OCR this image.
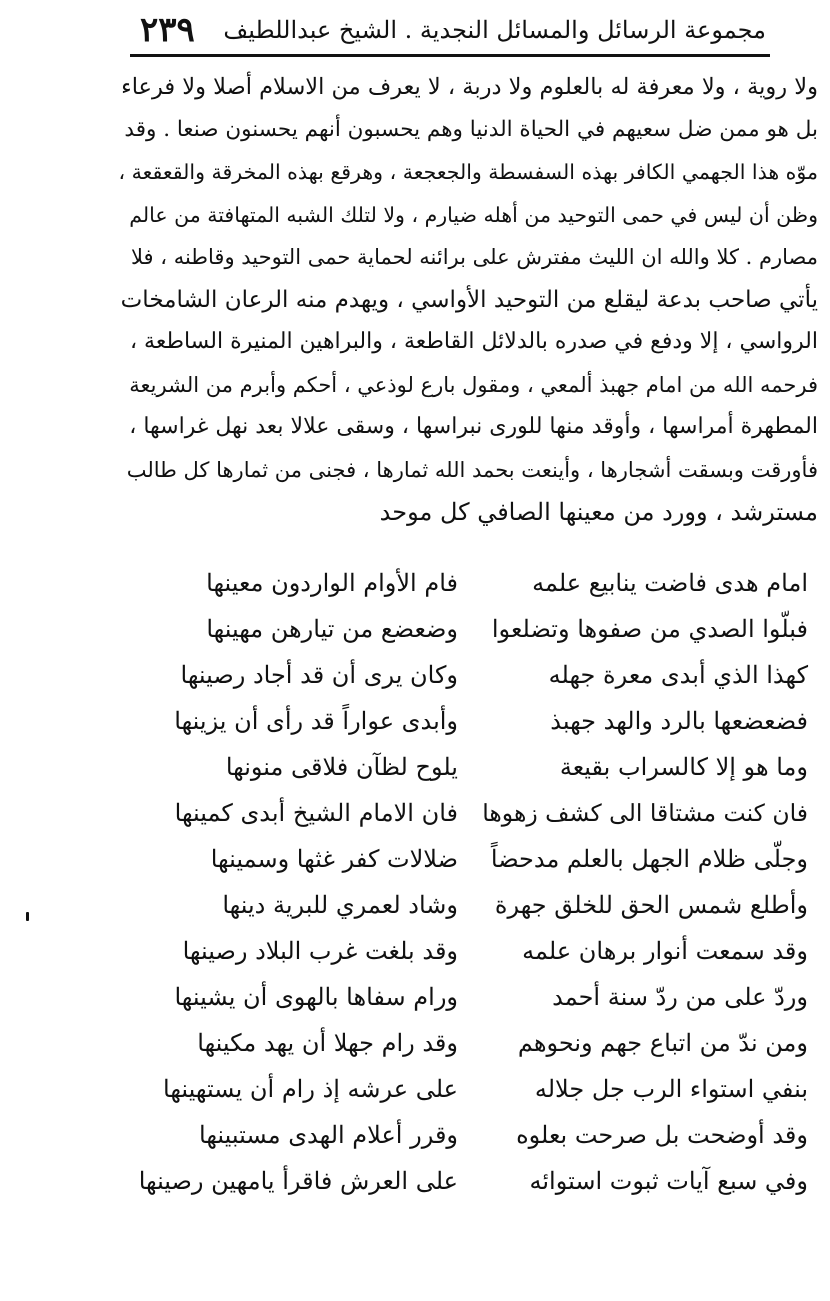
٢٣٩ مجموعة الرسائل والمسائل النجدية . الشيخ عبداللطيف
ولا روية ، ولا معرفة له بالعلوم ولا دربة ، لا يعرف من الاسلام أصلا ولا فرعاء
بل هو ممن ضل سعيهم في الحياة الدنيا وهم يحسبون أنهم يحسنون صنعا . وقد
موّه هذا الجهمي الكافر بهذه السفسطة والجعجعة ، وهرقع بهذه المخرقة والقعقعة ،
وظن أن ليس في حمى التوحيد من أهله ضيارم ، ولا لتلك الشبه المتهافتة من عالم
مصارم . كلا والله ان الليث مفترش على برائنه لحماية حمى التوحيد وقاطنه ، فلا
يأتي صاحب بدعة ليقلع من التوحيد الأواسي ، ويهدم منه الرعان الشامخات
الرواسي ، إلا ودفع في صدره بالدلائل القاطعة ، والبراهين المنيرة الساطعة ،
فرحمه الله من امام جهبذ ألمعي ، ومقول بارع لوذعي ، أحكم وأبرم من الشريعة
المطهرة أمراسها ، وأوقد منها للورى نبراسها ، وسقى علالا بعد نهل غراسها ،
فأورقت وبسقت أشجارها ، وأينعت بحمد الله ثمارها ، فجنى من ثمارها كل طالب
مسترشد ، وورد من معينها الصافي كل موحد
امام هدى فاضت ينابيع علمه
فام الأوام الواردون معينها
فبلّوا الصدي من صفوها وتضلعوا
وضعضع من تيارهن مهينها
كهذا الذي أبدى معرة جهله
وكان يرى أن قد أجاد رصينها
فضعضعها بالرد والهد جهبذ
وأبدى عواراً قد رأى أن يزينها
وما هو إلا كالسراب بقيعة
يلوح لظآن فلاقى منونها
فان كنت مشتاقا الى كشف زهوها
فان الامام الشيخ أبدى كمينها
وجلّى ظلام الجهل بالعلم مدحضاً
ضلالات كفر غثها وسمينها
وأطلع شمس الحق للخلق جهرة
وشاد لعمري للبرية دينها
وقد سمعت أنوار برهان علمه
وقد بلغت غرب البلاد رصينها
وردّ على من ردّ سنة أحمد
ورام سفاها بالهوى أن يشينها
ومن ندّ من اتباع جهم ونحوهم
وقد رام جهلا أن يهد مكينها
بنفي استواء الرب جل جلاله
على عرشه إذ رام أن يستهينها
وقد أوضحت بل صرحت بعلوه
وقرر أعلام الهدى مستبينها
وفي سبع آيات ثبوت استوائه
على العرش فاقرأ يامهين رصينها
